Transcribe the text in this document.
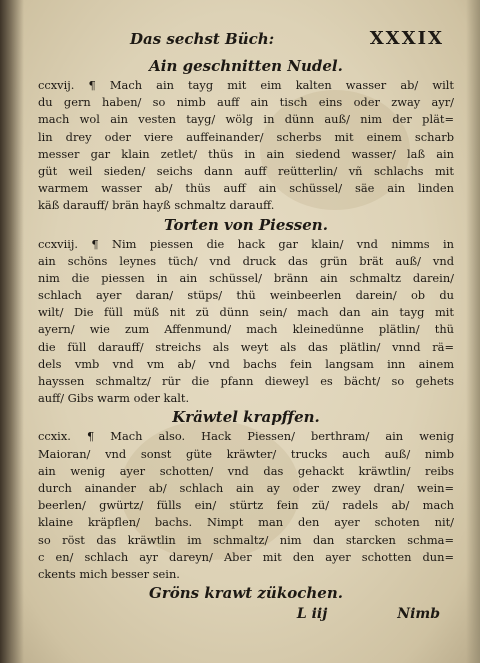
Das sechst Büch:	XXXIX
Ain geschnitten Nudel.
ccxvij. ¶ Mach ain tayg mit eim kalten wasser ab/ wilt
du gern haben/ so nimb auff ain tisch eins oder zway ayr/
mach wol ain vesten tayg/ wölg in dünn auß/ nim der plät=
lin drey oder viere auffeinander/ scherbs mit einem scharb
messer gar klain zetlet/ thüs in ain siedend wasser/ laß ain
güt weil sieden/ seichs dann auff reütterlin/ vñ schlachs mit
warmem wasser ab/ thüs auff ain schüssel/ säe ain linden
käß darauff/ brän hayß schmaltz darauff.
Torten von Piessen.
ccxviij. ¶ Nim piessen die hack gar klain/ vnd nimms in
ain schöns leynes tüch/ vnd druck das grün brät auß/ vnd
nim die piessen in ain schüssel/ bränn ain schmaltz darein/
schlach ayer daran/ stüps/ thü weinbeerlen darein/ ob du
wilt/ Die füll müß nit zü dünn sein/ mach dan ain tayg mit
ayern/ wie zum Affenmund/ mach kleinedünne plätlin/ thü
die füll darauff/ streichs als weyt als das plätlin/ vnnd rä=
dels vmb vnd vm ab/ vnd bachs fein langsam inn ainem
hayssen schmaltz/ rür die pfann dieweyl es bächt/ so gehets
auff/ Gibs warm oder kalt.
Kräwtel krapffen.
ccxix. ¶ Mach also. Hack Piessen/ berthram/ ain wenig
Maioran/ vnd sonst güte kräwter/ trucks auch auß/ nimb
ain wenig ayer schotten/ vnd das gehackt kräwtlin/ reibs
durch ainander ab/ schlach ain ay oder zwey dran/ wein=
beerlen/ gwürtz/ fülls ein/ stürtz fein zü/ radels ab/ mach
klaine kräpflen/ bachs. Nimpt man den ayer schoten nit/
so röst das kräwtlin im schmaltz/ nim dan starcken schma=
c en/ schlach ayr dareyn/ Aber mit den ayer schotten dun=
ckents mich besser sein.
Gröns krawt zükochen.
L iij	Nimb
